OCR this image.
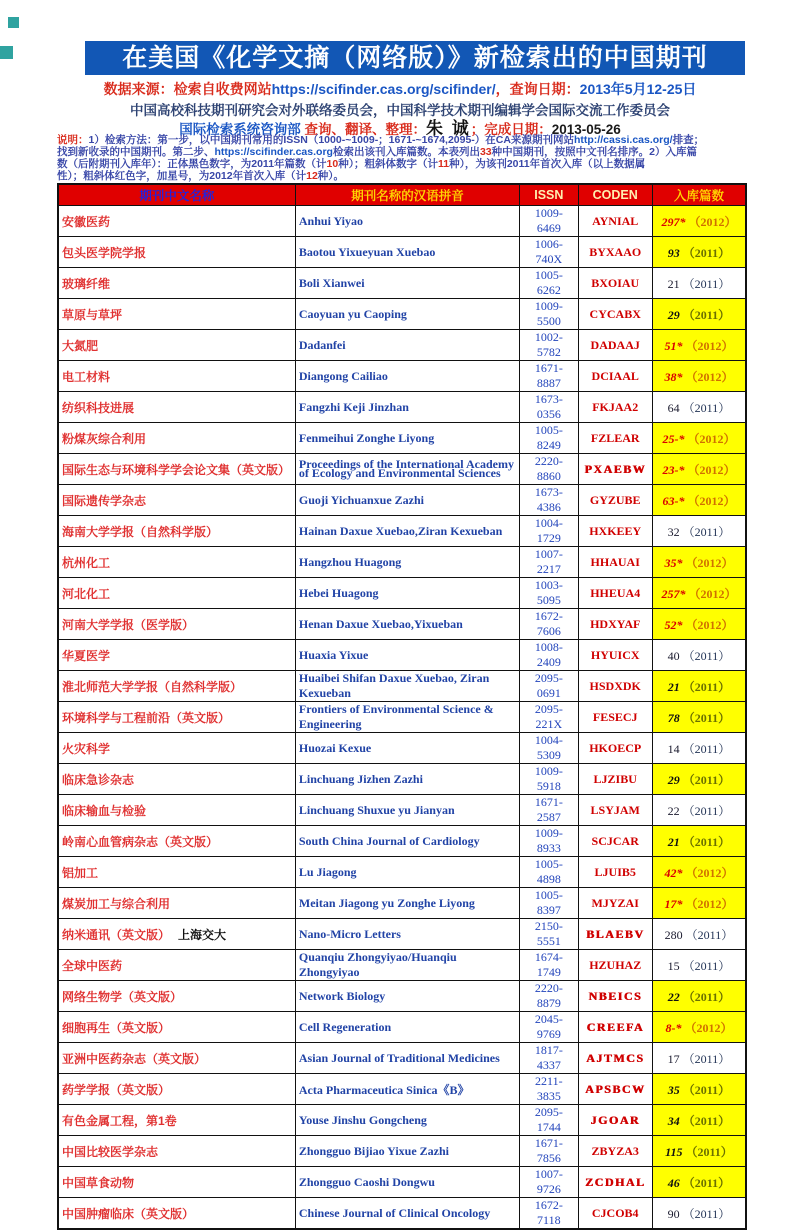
在美国《化学文摘（网络版）》新检索出的中国期刊
数据来源：检索自收费网站https://scifinder.cas.org/scifinder/，查询日期：2013年5月12-25日
中国高校科技期刊研究会对外联络委员会，中国科学技术期刊编辑学会国际交流工作委员会
国际检索系统咨询部 查询、翻译、整理：朱 诚；完成日期：2013-05-26
说明：1）检索方法：第一步，以中国期刊常用的ISSN（1000-~1009-；1671-~1674,2095-）在CA来源期刊网站http://cassi.cas.org/排查；
找到新收录的中国期刊。第二步、https://scifinder.cas.org检索出该刊入库篇数。本表列出33种中国期刊，按照中文刊名排序。2）入库篇
数（后附期刊入库年）：正体黑色数字，为2011年篇数（计10种）；粗斜体数字（计11种），为该刊2011年首次入库（以上数据属
性）；粗斜体红色字，加星号，为2012年首次入库（计12种）。
期刊中文名称	期刊名称的汉语拼音	ISSN	CODEN	入库篇数
安徽医药	Anhui Yiyao	1009-6469	AYNIAL	297* （2012）
包头医学院学报	Baotou Yixueyuan Xuebao	1006-740X	BYXAAO	93 （2011）
玻璃纤维	Boli Xianwei	1005-6262	BXOIAU	21 （2011）
草原与草坪	Caoyuan yu Caoping	1009-5500	CYCABX	29 （2011）
大氮肥	Dadanfei	1002-5782	DADAAJ	51* （2012）
电工材料	Diangong Cailiao	1671-8887	DCIAAL	38* （2012）
纺织科技进展	Fangzhi Keji Jinzhan	1673-0356	FKJAA2	64 （2011）
粉煤灰综合利用	Fenmeihui Zonghe Liyong	1005-8249	FZLEAR	25-* （2012）
国际生态与环境科学学会论文集（英文版）	Proceedings of the International Academy of Ecology and Environmental Sciences	2220-8860	PXAEBW	23-* （2012）
国际遗传学杂志	Guoji Yichuanxue Zazhi	1673-4386	GYZUBE	63-* （2012）
海南大学学报（自然科学版）	Hainan Daxue Xuebao,Ziran Kexueban	1004-1729	HXKEEY	32 （2011）
杭州化工	Hangzhou Huagong	1007-2217	HHAUAI	35* （2012）
河北化工	Hebei Huagong	1003-5095	HHEUA4	257* （2012）
河南大学学报（医学版）	Henan Daxue Xuebao,Yixueban	1672-7606	HDXYAF	52* （2012）
华夏医学	Huaxia Yixue	1008-2409	HYUICX	40 （2011）
淮北师范大学学报（自然科学版）	Huaibei Shifan Daxue Xuebao, Ziran Kexueban	2095-0691	HSDXDK	21 （2011）
环境科学与工程前沿（英文版）	Frontiers of Environmental Science & Engineering	2095-221X	FESECJ	78 （2011）
火灾科学	Huozai Kexue	1004-5309	HKOECP	14 （2011）
临床急诊杂志	Linchuang Jizhen Zazhi	1009-5918	LJZIBU	29 （2011）
临床输血与检验	Linchuang Shuxue yu Jianyan	1671-2587	LSYJAM	22 （2011）
岭南心血管病杂志（英文版）	South China Journal of Cardiology	1009-8933	SCJCAR	21 （2011）
铝加工	Lu Jiagong	1005-4898	LJUIB5	42* （2012）
煤炭加工与综合利用	Meitan Jiagong yu Zonghe Liyong	1005-8397	MJYZAI	17* （2012）
纳米通讯（英文版） 上海交大	Nano-Micro Letters	2150-5551	BLAEBV	280 （2011）
全球中医药	Quanqiu Zhongyiyao/Huanqiu Zhongyiyao	1674-1749	HZUHAZ	15 （2011）
网络生物学（英文版）	Network Biology	2220-8879	NBEICS	22 （2011）
细胞再生（英文版）	Cell Regeneration	2045-9769	CREEFA	8-* （2012）
亚洲中医药杂志（英文版）	Asian Journal of Traditional Medicines	1817-4337	AJTMCS	17 （2011）
药学学报（英文版）	Acta Pharmaceutica Sinica《B》	2211-3835	APSBCW	35 （2011）
有色金属工程，第1卷	Youse Jinshu Gongcheng	2095-1744	JGOAR	34 （2011）
中国比较医学杂志	Zhongguo Bijiao Yixue Zazhi	1671-7856	ZBYZA3	115 （2011）
中国草食动物	Zhongguo Caoshi Dongwu	1007-9726	ZCDHAL	46 （2011）
中国肿瘤临床（英文版）	Chinese Journal of Clinical Oncology	1672-7118	CJCOB4	90 （2011）
